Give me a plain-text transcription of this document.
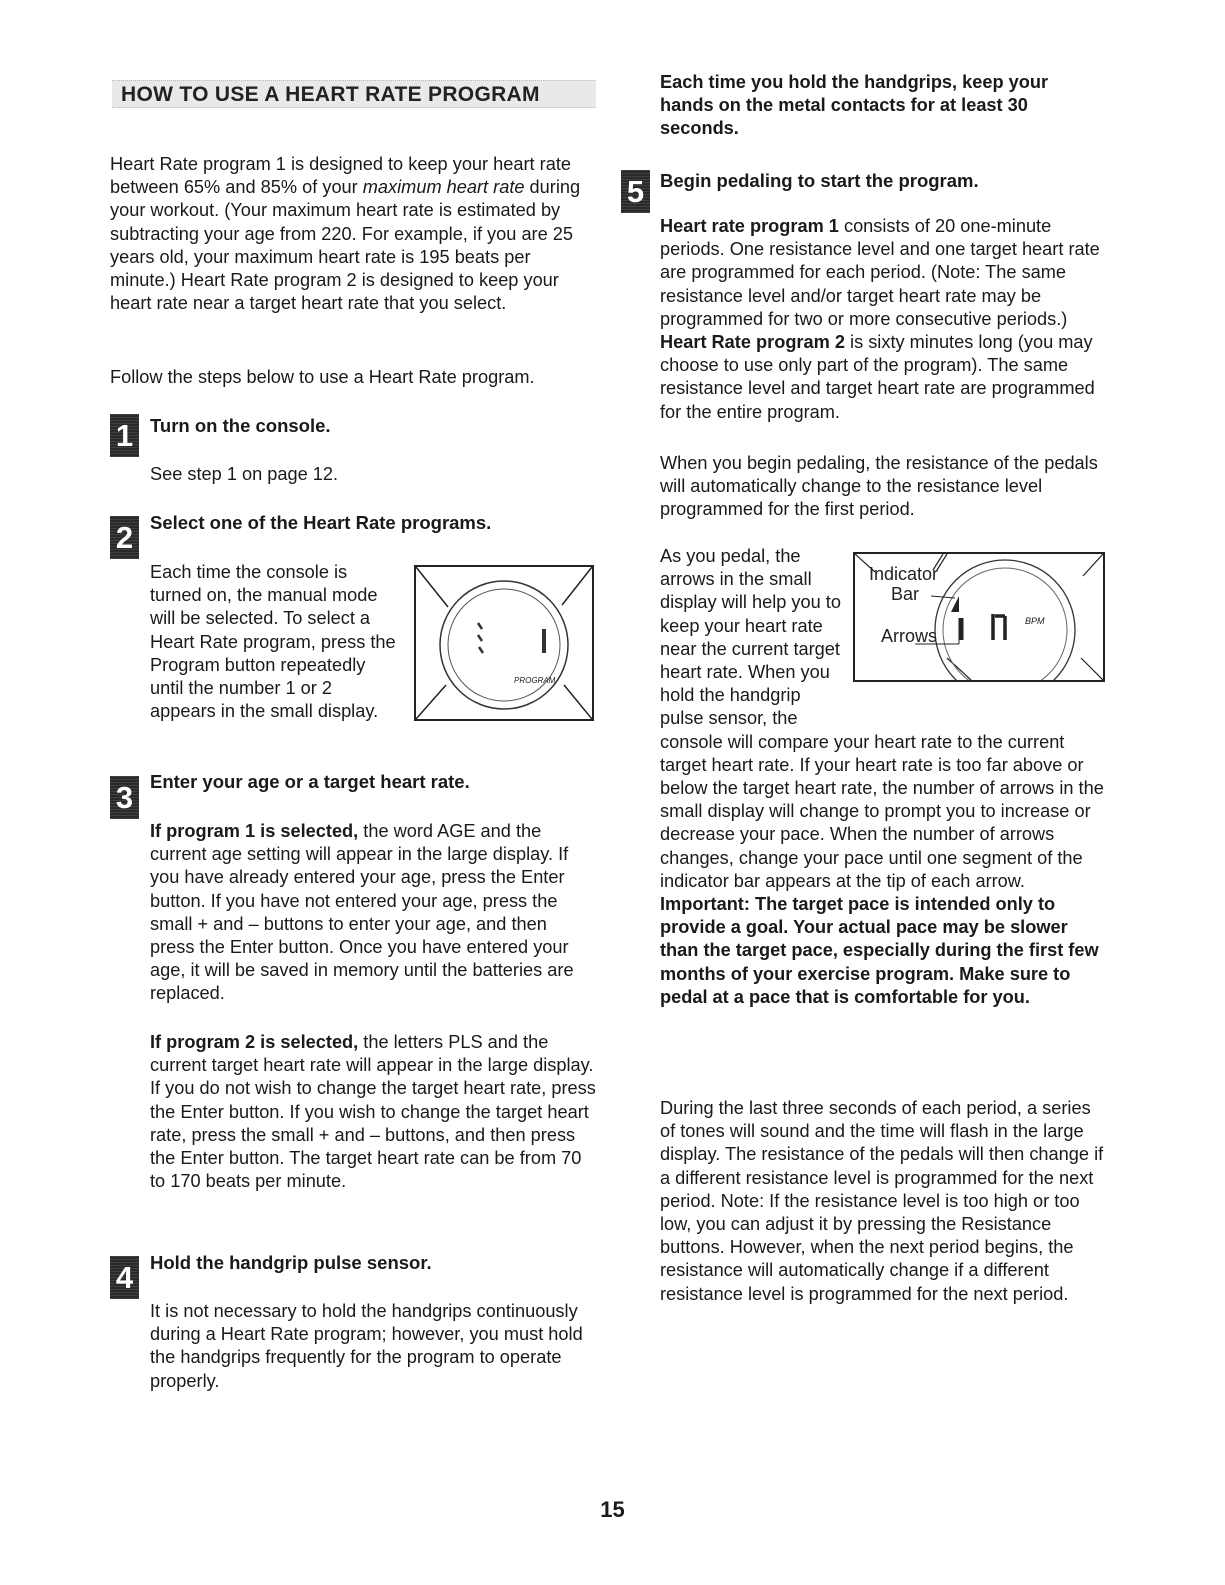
HOW TO USE A HEART RATE PROGRAM

Heart Rate program 1 is designed to keep your heart rate between 65% and 85% of your maximum heart rate during your workout. (Your maximum heart rate is estimated by subtracting your age from 220. For example, if you are 25 years old, your maximum heart rate is 195 beats per minute.) Heart Rate program 2 is designed to keep your heart rate near a target heart rate that you select.

Follow the steps below to use a Heart Rate program.

1 Turn on the console.

See step 1 on page 12.

2 Select one of the Heart Rate programs.

Each time the console is turned on, the manual mode will be selected. To select a Heart Rate program, press the Program button repeatedly until the number 1 or 2 appears in the small display.

PROGRAM
3 Enter your age or a target heart rate.

If program 1 is selected, the word AGE and the current age setting will appear in the large display. If you have already entered your age, press the Enter button. If you have not entered your age, press the small + and – buttons to enter your age, and then press the Enter button. Once you have entered your age, it will be saved in memory until the batteries are replaced.

If program 2 is selected, the letters PLS and the current target heart rate will appear in the large display. If you do not wish to change the target heart rate, press the Enter button. If you wish to change the target heart rate, press the small + and – buttons, and then press the Enter button. The target heart rate can be from 70 to 170 beats per minute.

4 Hold the handgrip pulse sensor.

It is not necessary to hold the handgrips continuously during a Heart Rate program; however, you must hold the handgrips frequently for the program to operate properly.

Each time you hold the handgrips, keep your hands on the metal contacts for at least 30 seconds.

5 Begin pedaling to start the program.

Heart rate program 1 consists of 20 one-minute periods. One resistance level and one target heart rate are programmed for each period. (Note: The same resistance level and/or target heart rate may be programmed for two or more consecutive periods.) Heart Rate program 2 is sixty minutes long (you may choose to use only part of the program). The same resistance level and target heart rate are programmed for the entire program.

When you begin pedaling, the resistance of the pedals will automatically change to the resistance level programmed for the first period.

BPM
Indicator
Bar
Arrows

As you pedal, the arrows in the small display will help you to keep your heart rate near the current target heart rate. When you hold the handgrip pulse sensor, the console will compare your heart rate to the current target heart rate. If your heart rate is too far above or below the target heart rate, the number of arrows in the small display will change to prompt you to increase or decrease your pace. When the number of arrows changes, change your pace until one segment of the indicator bar appears at the tip of each arrow. Important: The target pace is intended only to provide a goal. Your actual pace may be slower than the target pace, especially during the first few months of your exercise program. Make sure to pedal at a pace that is comfortable for you.

During the last three seconds of each period, a series of tones will sound and the time will flash in the large display. The resistance of the pedals will then change if a different resistance level is programmed for the next period. Note: If the resistance level is too high or too low, you can adjust it by pressing the Resistance buttons. However, when the next period begins, the resistance will automatically change if a different resistance level is programmed for the next period.

15
